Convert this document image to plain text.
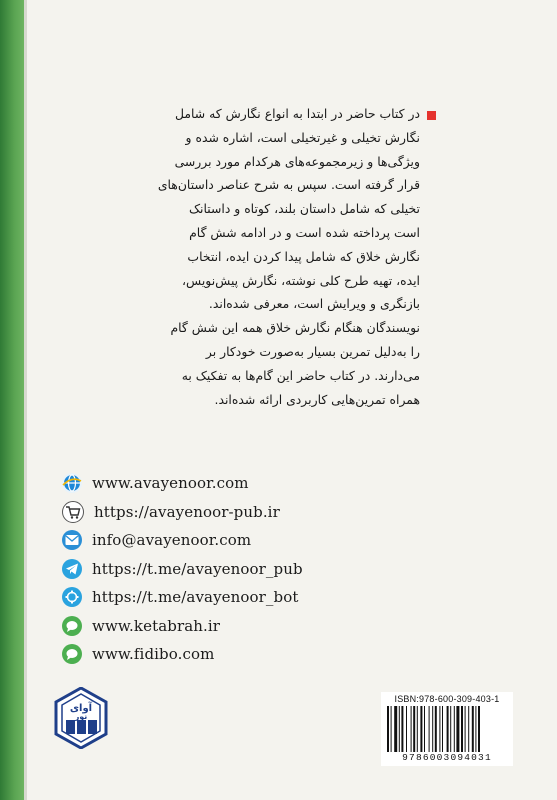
در کتاب حاضر در ابتدا به انواع نگارش که شامل
نگارش تخیلی و غیرتخیلی است، اشاره شده و
ویژگی‌ها و زیرمجموعه‌های هرکدام مورد بررسی
قرار گرفته است. سپس به شرح عناصر داستان‌های
تخیلی که شامل داستان بلند، کوتاه و داستانک
است پرداخته شده است و در ادامه شش گام
نگارش خلاق که شامل پیدا کردن ایده، انتخاب
ایده، تهیه طرح کلی نوشته، نگارش پیش‌نویس،
بازنگری و ویرایش است، معرفی شده‌اند.
نویسندگان هنگام نگارش خلاق همه این شش گام
را به‌دلیل تمرین بسیار به‌صورت خودکار بر
می‌دارند. در کتاب حاضر این گام‌ها به تفکیک به
همراه تمرین‌هایی کاربردی ارائه شده‌اند.

www.avayenoor.com
https://avayenoor-pub.ir
info@avayenoor.com
https://t.me/avayenoor_pub
https://t.me/avayenoor_bot
www.ketabrah.ir
www.fidibo.com
آوای
نور
ISBN:978-600-309-403-1
9786003094031
